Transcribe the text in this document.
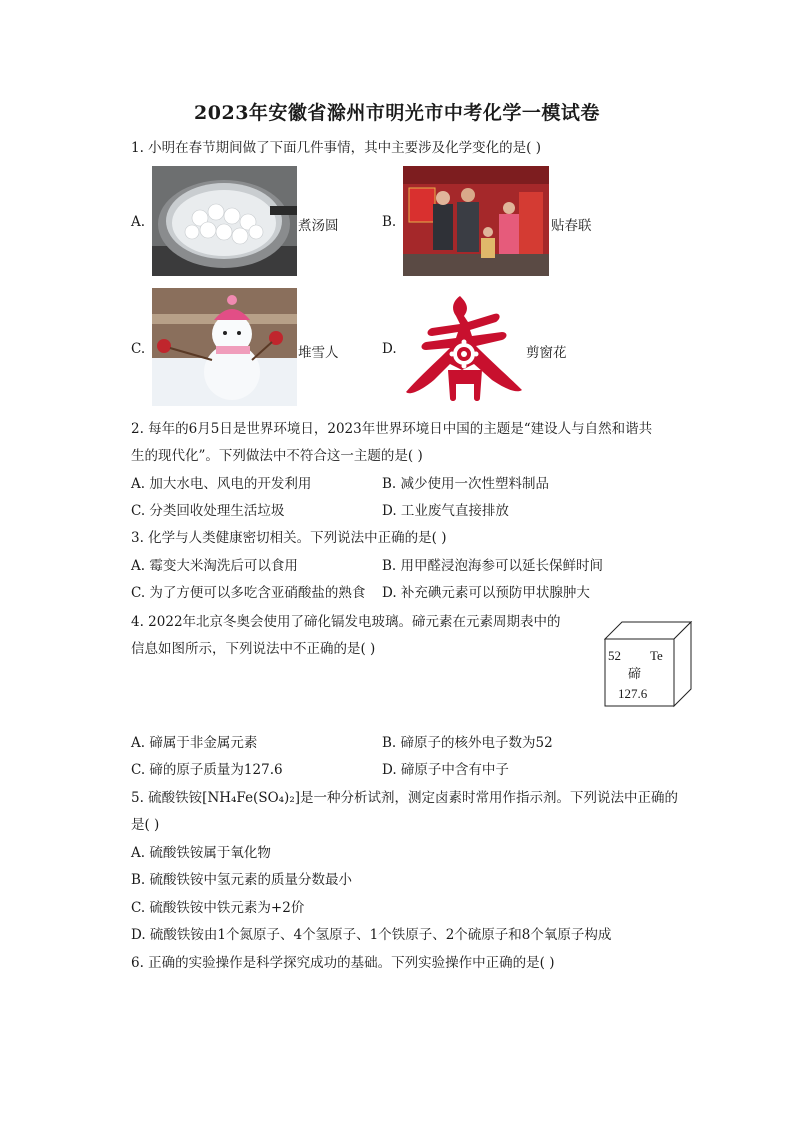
2023年安徽省滁州市明光市中考化学一模试卷
1. 小明在春节期间做了下面几件事情，其中主要涉及化学变化的是( )
A.	煮汤圆	B.	贴春联
C.	堆雪人	D.	剪窗花
2. 每年的6月5日是世界环境日，2023年世界环境日中国的主题是“建设人与自然和谐共
生的现代化”。下列做法中不符合这一主题的是( )
A. 加大水电、风电的开发利用	B. 减少使用一次性塑料制品
C. 分类回收处理生活垃圾	D. 工业废气直接排放
3. 化学与人类健康密切相关。下列说法中正确的是( )
A. 霉变大米淘洗后可以食用	B. 用甲醛浸泡海参可以延长保鲜时间
C. 为了方便可以多吃含亚硝酸盐的熟食 D. 补充碘元素可以预防甲状腺肿大
4. 2022年北京冬奥会使用了碲化镉发电玻璃。碲元素在元素周期表中的
信息如图所示，下列说法中不正确的是( )	52 Te
碲
127.6
A. 碲属于非金属元素	B. 碲原子的核外电子数为52
C. 碲的原子质量为127.6	D. 碲原子中含有中子
5. 硫酸铁铵[NH₄Fe(SO₄)₂]是一种分析试剂，测定卤素时常用作指示剂。下列说法中正确的
是( )
A. 硫酸铁铵属于氧化物
B. 硫酸铁铵中氢元素的质量分数最小
C. 硫酸铁铵中铁元素为+2价
D. 硫酸铁铵由1个氮原子、4个氢原子、1个铁原子、2个硫原子和8个氧原子构成
6. 正确的实验操作是科学探究成功的基础。下列实验操作中正确的是( )
